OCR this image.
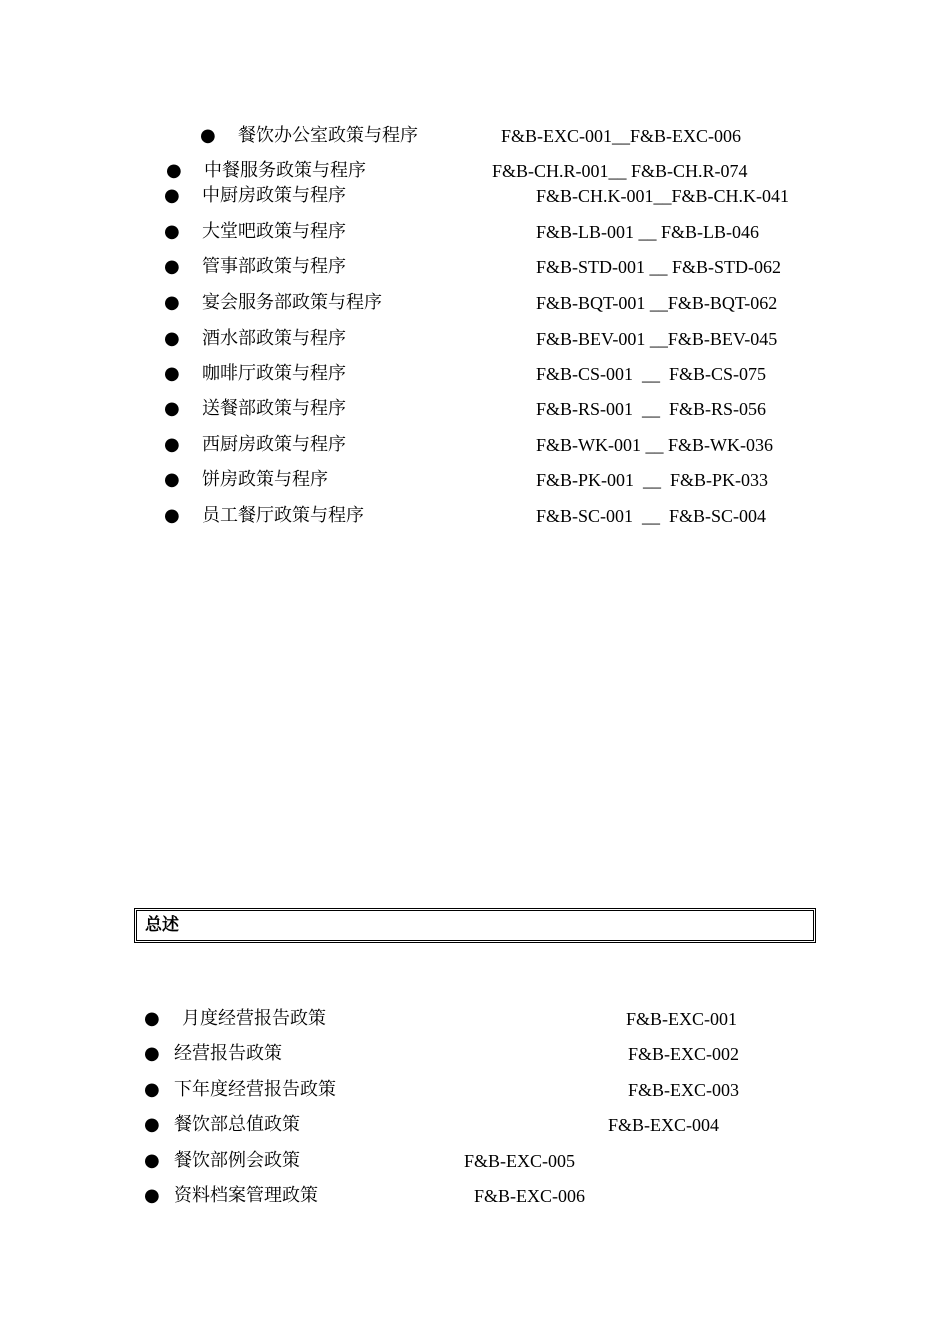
● 餐饮办公室政策与程序	F&B-EXC-001__F&B-EXC-006
● 中餐服务政策与程序	F&B-CH.R-001__ F&B-CH.R-074
● 中厨房政策与程序	F&B-CH.K-001__F&B-CH.K-041
● 大堂吧政策与程序	F&B-LB-001 __ F&B-LB-046
● 管事部政策与程序	F&B-STD-001 __ F&B-STD-062
● 宴会服务部政策与程序	F&B-BQT-001 __F&B-BQT-062
● 酒水部政策与程序	F&B-BEV-001 __F&B-BEV-045
● 咖啡厅政策与程序	F&B-CS-001  __  F&B-CS-075
● 送餐部政策与程序	F&B-RS-001  __  F&B-RS-056
● 西厨房政策与程序	F&B-WK-001 __ F&B-WK-036
● 饼房政策与程序	F&B-PK-001  __  F&B-PK-033
● 员工餐厅政策与程序	F&B-SC-001  __  F&B-SC-004
总述
● 月度经营报告政策	F&B-EXC-001
● 经营报告政策	F&B-EXC-002
● 下年度经营报告政策	F&B-EXC-003
● 餐饮部总值政策	F&B-EXC-004
● 餐饮部例会政策	F&B-EXC-005
● 资料档案管理政策	F&B-EXC-006
